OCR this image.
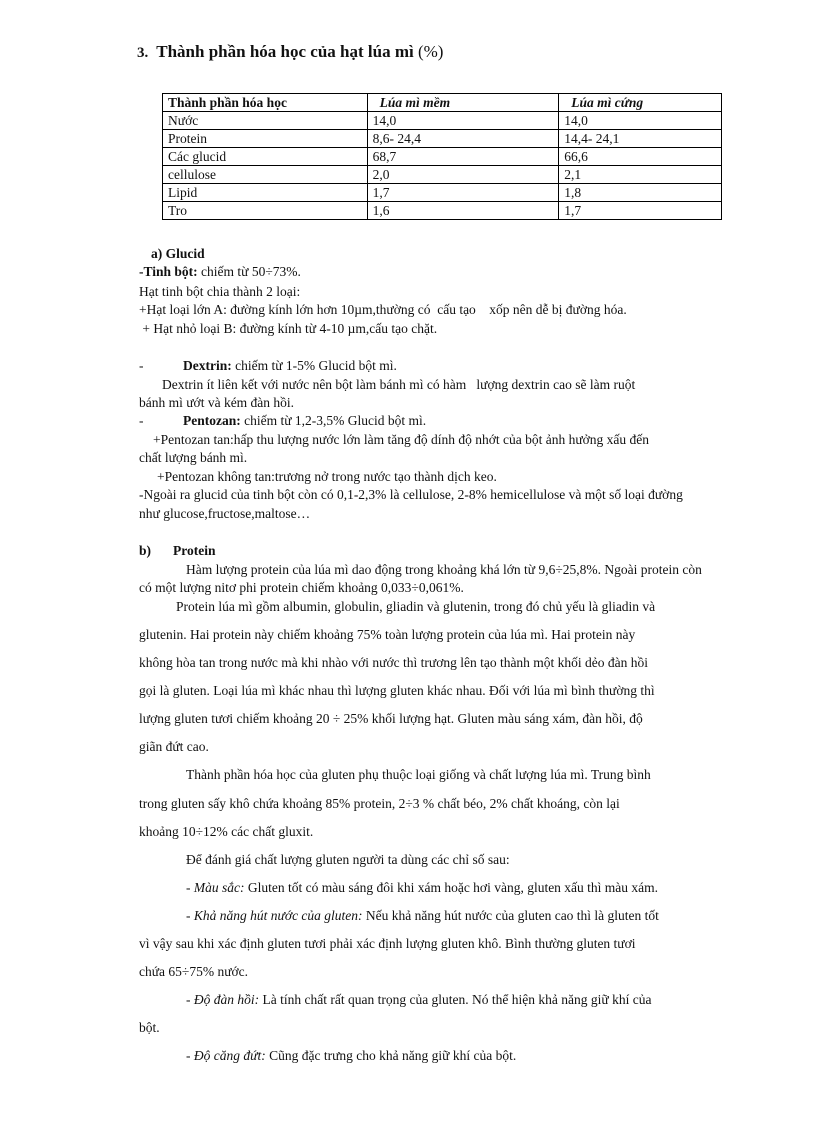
3. Thành phần hóa học của hạt lúa mì (%)
Thành phần hóa học	Lúa mì mềm	Lúa mì cứng
Nước	14,0	14,0
Protein	8,6- 24,4	14,4- 24,1
Các glucid	68,7	66,6
cellulose	2,0	2,1
Lipid	1,7	1,8
Tro	1,6	1,7
a) Glucid
-Tinh bột: chiếm từ 50÷73%.
Hạt tinh bột chia thành 2 loại:
+Hạt loại lớn A: đường kính lớn hơn 10µm,thường có  cấu tạo    xốp nên dễ bị đường hóa.
+ Hạt nhỏ loại B: đường kính từ 4-10 µm,cấu tạo chặt.
-	Dextrin: chiếm từ 1-5% Glucid bột mì.
Dextrin ít liên kết với nước nên bột làm bánh mì có hàm   lượng dextrin cao sẽ làm ruột
bánh mì ướt và kém đàn hồi.
-	Pentozan: chiếm từ 1,2-3,5% Glucid bột mì.
+Pentozan tan:hấp thu lượng nước lớn làm tăng độ dính độ nhớt của bột ảnh hưởng xấu đến
chất lượng bánh mì.
+Pentozan không tan:trương nở trong nước tạo thành dịch keo.
-Ngoài ra glucid của tinh bột còn có 0,1-2,3% là cellulose, 2-8% hemicellulose và một số loại đường
như glucose,fructose,maltose…
b) Protein
Hàm lượng protein của lúa mì dao động trong khoảng khá lớn từ 9,6÷25,8%. Ngoài protein còn
có một lượng nitơ phi protein chiếm khoảng 0,033÷0,061%.
Protein lúa mì gồm albumin, globulin, gliadin và glutenin, trong đó chủ yếu là gliadin và
glutenin. Hai protein này chiếm khoảng 75% toàn lượng protein của lúa mì. Hai protein này
không hòa tan trong nước mà khi nhào với nước thì trương lên tạo thành một khối dẻo đàn hồi
gọi là gluten. Loại lúa mì khác nhau thì lượng gluten khác nhau. Đối với lúa mì bình thường thì
lượng gluten tươi chiếm khoảng 20 ÷ 25% khối lượng hạt. Gluten màu sáng xám, đàn hồi, độ
giãn đứt cao.
Thành phần hóa học của gluten phụ thuộc loại giống và chất lượng lúa mì. Trung bình
trong gluten sấy khô chứa khoảng 85% protein, 2÷3 % chất béo, 2% chất khoáng, còn lại
khoảng 10÷12% các chất gluxit.
Để đánh giá chất lượng gluten người ta dùng các chỉ số sau:
- Màu sắc: Gluten tốt có màu sáng đôi khi xám hoặc hơi vàng, gluten xấu thì màu xám.
- Khả năng hút nước của gluten: Nếu khả năng hút nước của gluten cao thì là gluten tốt
vì vậy sau khi xác định gluten tươi phải xác định lượng gluten khô. Bình thường gluten tươi
chứa 65÷75% nước.
- Độ đàn hồi: Là tính chất rất quan trọng của gluten. Nó thể hiện khả năng giữ khí của
bột.
- Độ căng đứt: Cũng đặc trưng cho khả năng giữ khí của bột.
